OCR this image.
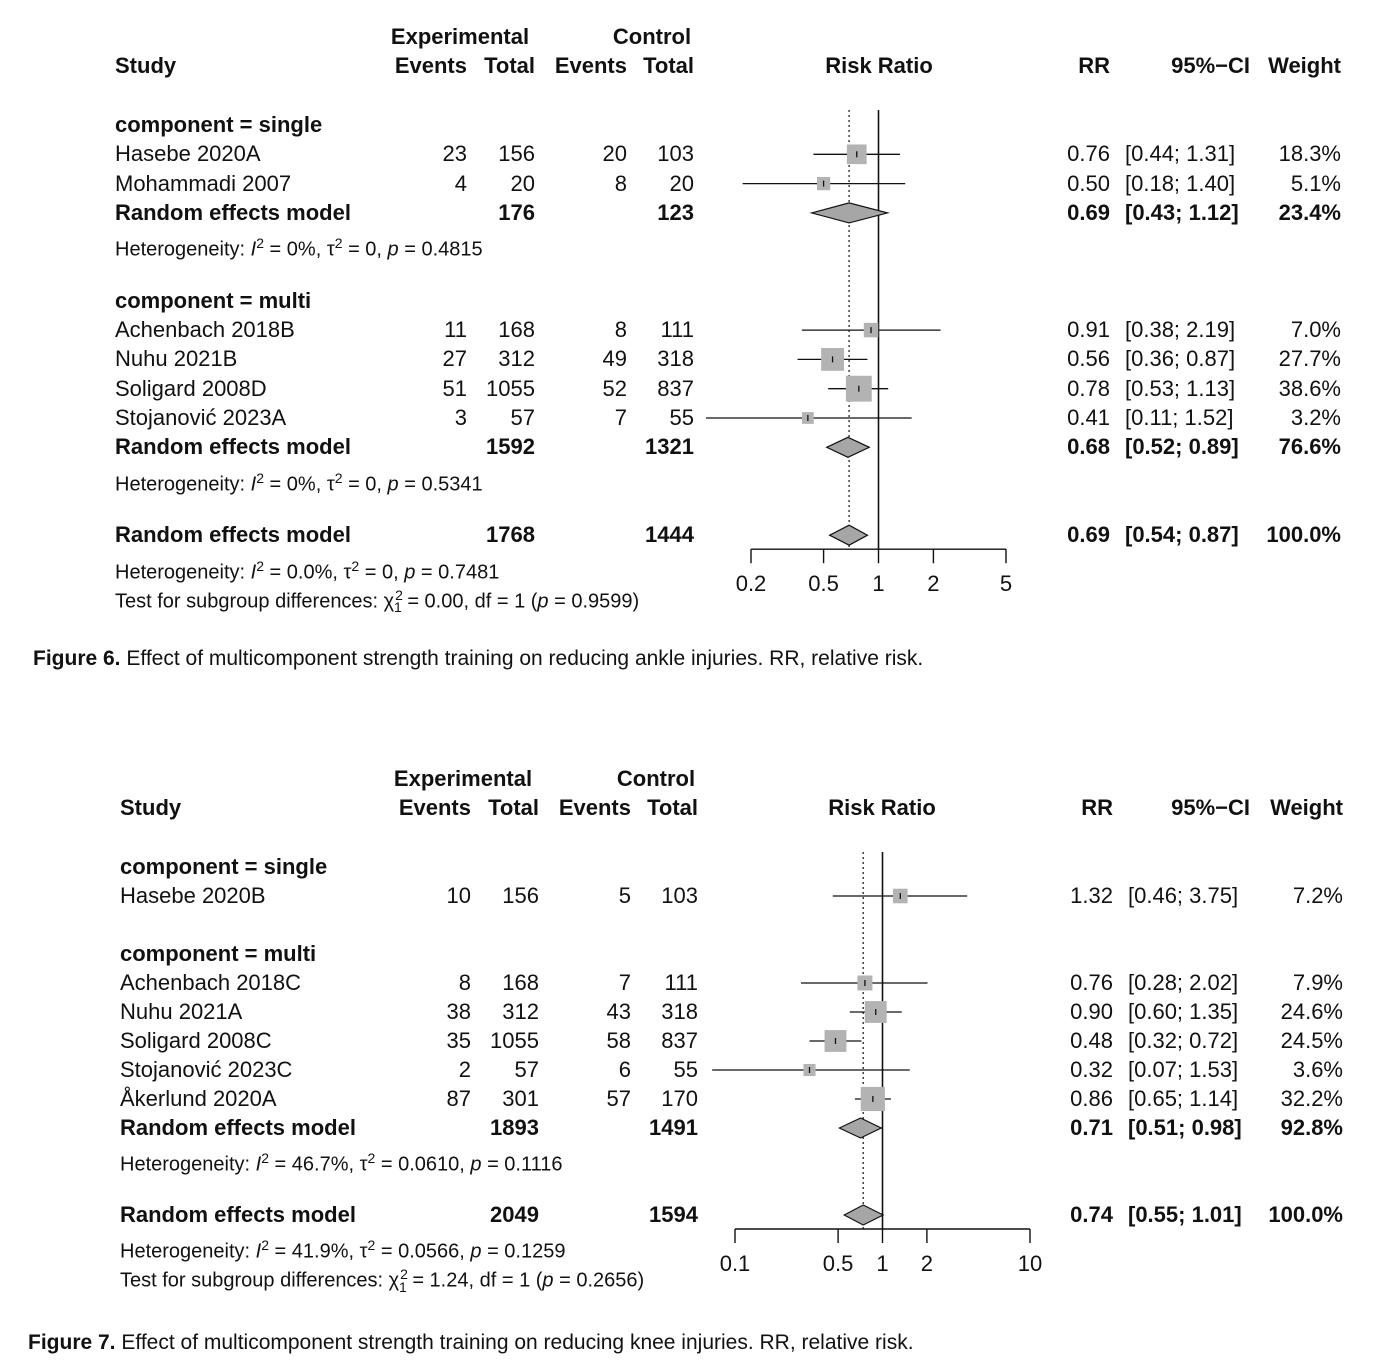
Experimental	Control
Study	Events Total Events Total	Risk Ratio	RR	95%−CI Weight
component = single
Hasebe 2020A	23	156	20	103	0.76 [0.44; 1.31]	18.3%
Mohammadi 2007	4	20	8	20	0.50 [0.18; 1.40]	5.1%
Random effects model	176	123	0.69 [0.43; 1.12]	23.4%
Heterogeneity: $I^2 = 0\%$, $\tau^2 = 0$, p = 0.4815
component = multi
Achenbach 2018B	11	168	8	111	0.91 [0.38; 2.19]	7.0%
Nuhu 2021B	27	312	49	318	0.56 [0.36; 0.87]	27.7%
Soligard 2008D	51 1055	52	837	0.78 [0.53; 1.13]	38.6%
Stojanović 2023A	3	57	7	55	0.41 [0.11; 1.52]	3.2%
Random effects model	1592	1321	0.68 [0.52; 0.89]	76.6%
Heterogeneity: $I^2 = 0\%$, $\tau^2 = 0$, p = 0.5341
Random effects model	1768	1444	0.69 [0.54; 0.87]	100.0%
Heterogeneity: $I^2 = 0.0\%$, $\tau^2 = 0$, p = 0.7481
Test for subgroup differences: $\chi^2_1 = 0.00$, df = 1 (p = 0.9599)
0.2 0.5 1 2	5
Figure 6. Effect of multicomponent strength training on reducing ankle injuries. RR, relative risk.
Experimental	Control
Study	Events Total Events Total	Risk Ratio	RR	95%−CI Weight
component = single
Hasebe 2020B	10	156	5	103	1.32 [0.46; 3.75]	7.2%
component = multi
Achenbach 2018C	8	168	7	111	0.76 [0.28; 2.02]	7.9%
Nuhu 2021A	38	312	43	318	0.90 [0.60; 1.35]	24.6%
Soligard 2008C	35 1055	58	837	0.48 [0.32; 0.72]	24.5%
Stojanović 2023C	2	57	6	55	0.32 [0.07; 1.53]	3.6%
Åkerlund 2020A	87	301	57	170	0.86 [0.65; 1.14]	32.2%
Random effects model	1893	1491	0.71 [0.51; 0.98]	92.8%
Heterogeneity: $I^2 = 46.7\%$, $\tau^2 = 0.0610$, p = 0.1116
Random effects model	2049	1594	0.74 [0.55; 1.01]	100.0%
Heterogeneity: $I^2 = 41.9\%$, $\tau^2 = 0.0566$, p = 0.1259
Test for subgroup differences: $\chi^2_1 = 1.24$, df = 1 (p = 0.2656)
0.1	0.5 1 2	10
Figure 7. Effect of multicomponent strength training on reducing knee injuries. RR, relative risk.
